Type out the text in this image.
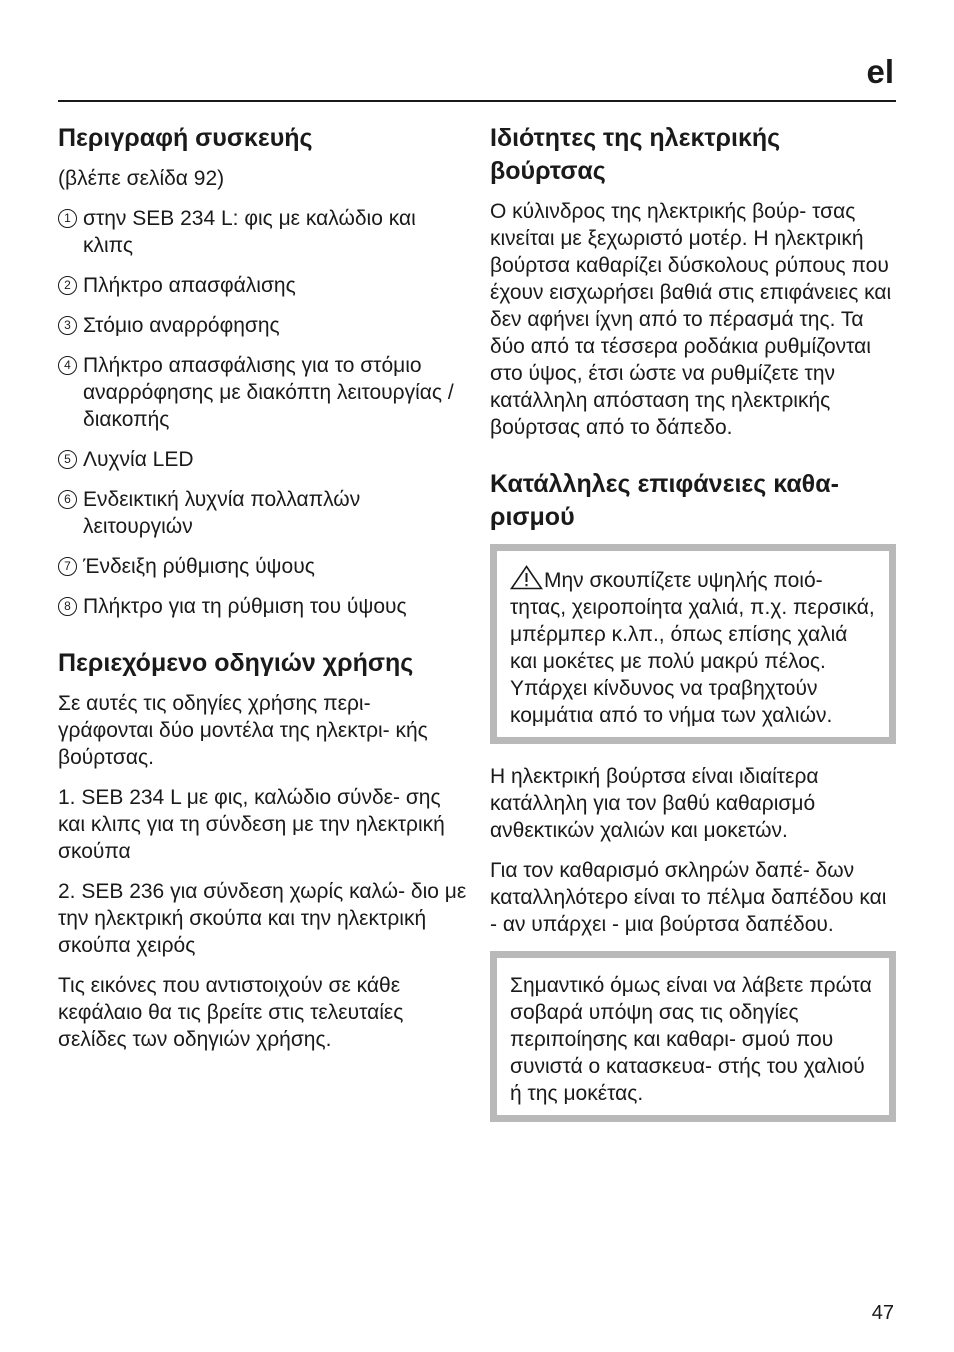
el
Περιγραφή συσκευής

(βλέπε σελίδα 92)

1 στην SEB 234 L: φις με καλώδιο και κλιπς
2 Πλήκτρο απασφάλισης
3 Στόμιο αναρρόφησης
4 Πλήκτρο απασφάλισης για το στόμιο αναρρόφησης με διακόπτη λειτουργίας / διακοπής
5 Λυχνία LED
6 Ενδεικτική λυχνία πολλαπλών λειτουργιών
7 Ένδειξη ρύθμισης ύψους
8 Πλήκτρο για τη ρύθμιση του ύψους
Περιεχόμενο οδηγιών χρήσης

Σε αυτές τις οδηγίες χρήσης περι- γράφονται δύο μοντέλα της ηλεκτρι- κής βούρτσας.

1. SEB 234 L με φις, καλώδιο σύνδε- σης και κλιπς για τη σύνδεση με την ηλεκτρική σκούπα

2. SEB 236 για σύνδεση χωρίς καλώ- διο με την ηλεκτρική σκούπα και την ηλεκτρική σκούπα χειρός

Τις εικόνες που αντιστοιχούν σε κάθε κεφάλαιο θα τις βρείτε στις τελευταίες σελίδες των οδηγιών χρήσης.

Ιδιότητες της ηλεκτρικής βούρτσας

Ο κύλινδρος της ηλεκτρικής βούρ- τσας κινείται με ξεχωριστό μοτέρ. Η ηλεκτρική βούρτσα καθαρίζει δύσκολους ρύπους που έχουν εισχωρήσει βαθιά στις επιφάνειες και δεν αφήνει ίχνη από το πέρασμά της. Τα δύο από τα τέσσερα ροδάκια ρυθμίζονται στο ύψος, έτσι ώστε να ρυθμίζετε την κατάλληλη απόσταση της ηλεκτρικής βούρτσας από το δάπεδο.

Κατάλληλες επιφάνειες καθα- ρισμού

Μην σκουπίζετε υψηλής ποιό- τητας, χειροποίητα χαλιά, π.χ. περσικά, μπέρμπερ κ.λπ., όπως επίσης χαλιά και μοκέτες με πολύ μακρύ πέλος. Υπάρχει κίνδυνος να τραβηχτούν κομμάτια από το νήμα των χαλιών.

Η ηλεκτρική βούρτσα είναι ιδιαίτερα κατάλληλη για τον βαθύ καθαρισμό ανθεκτικών χαλιών και μοκετών.

Για τον καθαρισμό σκληρών δαπέ- δων καταλληλότερο είναι το πέλμα δαπέδου και - αν υπάρχει - μια βούρτσα δαπέδου.

Σημαντικό όμως είναι να λάβετε πρώτα σοβαρά υπόψη σας τις οδηγίες περιποίησης και καθαρι- σμού που συνιστά ο κατασκευα- στής του χαλιού ή της μοκέτας.

47
